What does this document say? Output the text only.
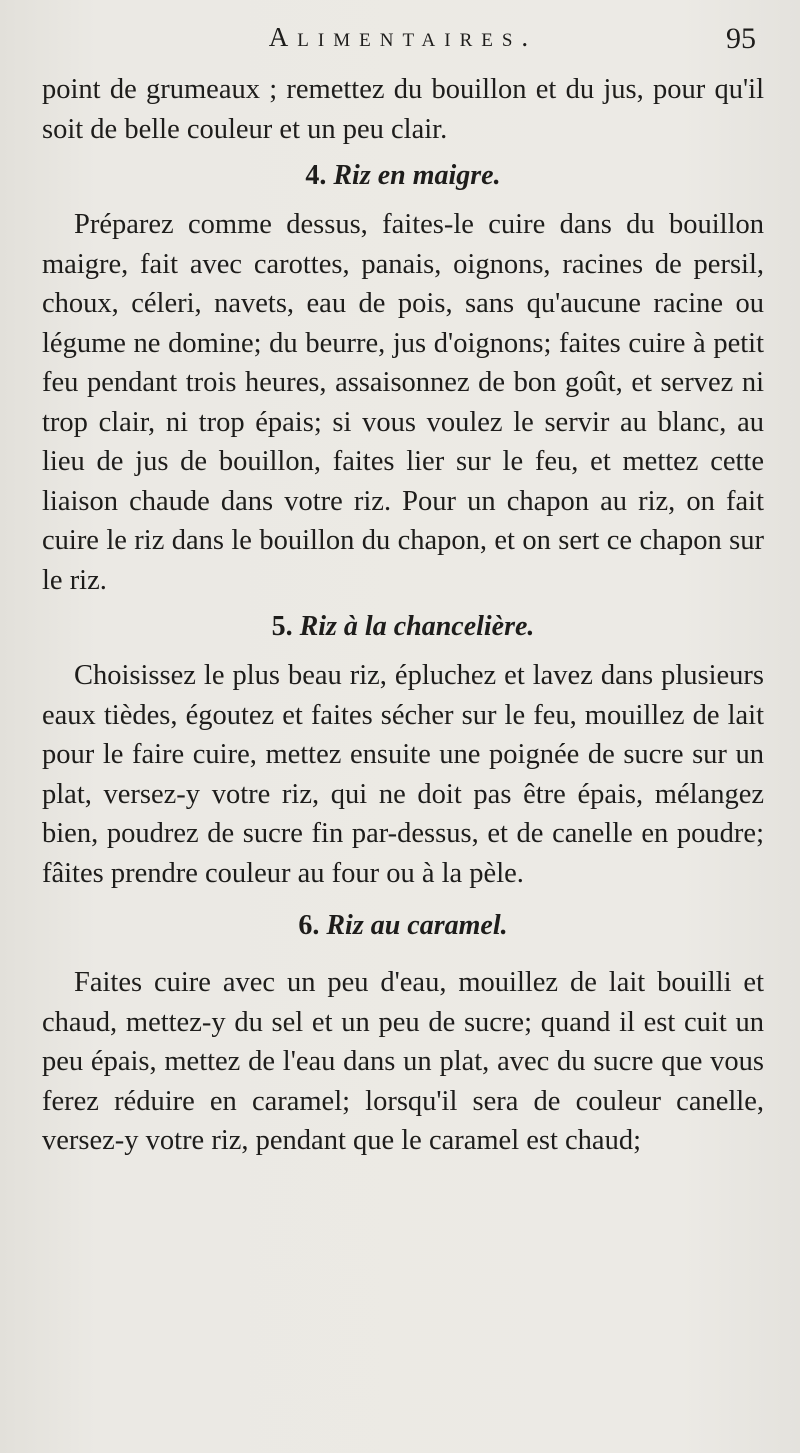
Alimentaires.	95

point de grumeaux ; remettez du bouillon et du jus, pour qu'il soit de belle couleur et un peu clair.

4. Riz en maigre.

Préparez comme dessus, faites-le cuire dans du bouillon maigre, fait avec carottes, panais, oignons, racines de persil, choux, céleri, navets, eau de pois, sans qu'aucune racine ou légume ne domine; du beurre, jus d'oignons; faites cuire à petit feu pendant trois heures, assaisonnez de bon goût, et servez ni trop clair, ni trop épais; si vous voulez le servir au blanc, au lieu de jus de bouillon, faites lier sur le feu, et mettez cette liaison chaude dans votre riz. Pour un chapon au riz, on fait cuire le riz dans le bouillon du chapon, et on sert ce chapon sur le riz.

5. Riz à la chancelière.

Choisissez le plus beau riz, épluchez et lavez dans plusieurs eaux tièdes, égoutez et faites sécher sur le feu, mouillez de lait pour le faire cuire, mettez ensuite une poignée de sucre sur un plat, versez-y votre riz, qui ne doit pas être épais, mélangez bien, poudrez de sucre fin par-dessus, et de canelle en poudre; fâites prendre couleur au four ou à la pèle.

6. Riz au caramel.

Faites cuire avec un peu d'eau, mouillez de lait bouilli et chaud, mettez-y du sel et un peu de sucre; quand il est cuit un peu épais, mettez de l'eau dans un plat, avec du sucre que vous ferez réduire en caramel; lorsqu'il sera de couleur canelle, versez-y votre riz, pendant que le caramel est chaud;
